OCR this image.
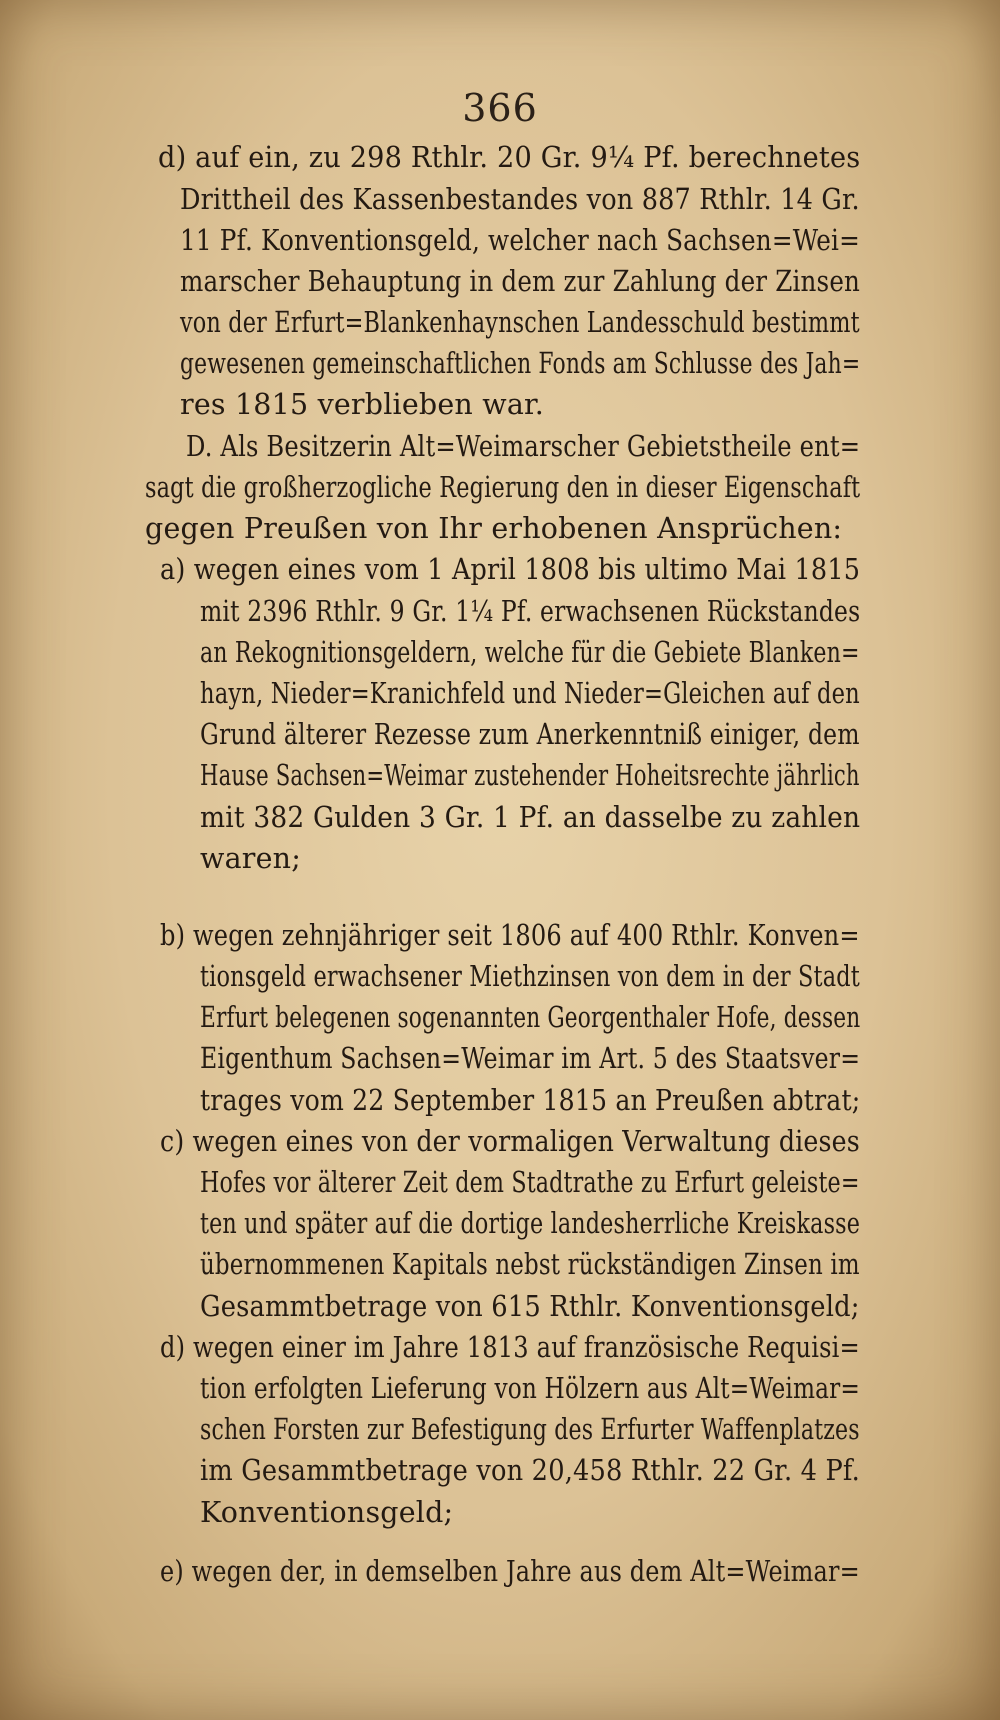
366
d) auf ein, zu 298 Rthlr. 20 Gr. 9¼ Pf. berechnetes
Drittheil des Kassenbestandes von 887 Rthlr. 14 Gr.
11 Pf. Konventionsgeld, welcher nach Sachsen=Wei=
marscher Behauptung in dem zur Zahlung der Zinsen
von der Erfurt=Blankenhaynschen Landesschuld bestimmt
gewesenen gemeinschaftlichen Fonds am Schlusse des Jah=
res 1815 verblieben war.
D. Als Besitzerin Alt=Weimarscher Gebietstheile ent=
sagt die großherzogliche Regierung den in dieser Eigenschaft
gegen Preußen von Ihr erhobenen Ansprüchen:
a) wegen eines vom 1 April 1808 bis ultimo Mai 1815
mit 2396 Rthlr. 9 Gr. 1¼ Pf. erwachsenen Rückstandes
an Rekognitionsgeldern, welche für die Gebiete Blanken=
hayn, Nieder=Kranichfeld und Nieder=Gleichen auf den
Grund älterer Rezesse zum Anerkenntniß einiger, dem
Hause Sachsen=Weimar zustehender Hoheitsrechte jährlich
mit 382 Gulden 3 Gr. 1 Pf. an dasselbe zu zahlen
waren;
b) wegen zehnjähriger seit 1806 auf 400 Rthlr. Konven=
tionsgeld erwachsener Miethzinsen von dem in der Stadt
Erfurt belegenen sogenannten Georgenthaler Hofe, dessen
Eigenthum Sachsen=Weimar im Art. 5 des Staatsver=
trages vom 22 September 1815 an Preußen abtrat;
c) wegen eines von der vormaligen Verwaltung dieses
Hofes vor älterer Zeit dem Stadtrathe zu Erfurt geleiste=
ten und später auf die dortige landesherrliche Kreiskasse
übernommenen Kapitals nebst rückständigen Zinsen im
Gesammtbetrage von 615 Rthlr. Konventionsgeld;
d) wegen einer im Jahre 1813 auf französische Requisi=
tion erfolgten Lieferung von Hölzern aus Alt=Weimar=
schen Forsten zur Befestigung des Erfurter Waffenplatzes
im Gesammtbetrage von 20,458 Rthlr. 22 Gr. 4 Pf.
Konventionsgeld;
e) wegen der, in demselben Jahre aus dem Alt=Weimar=
